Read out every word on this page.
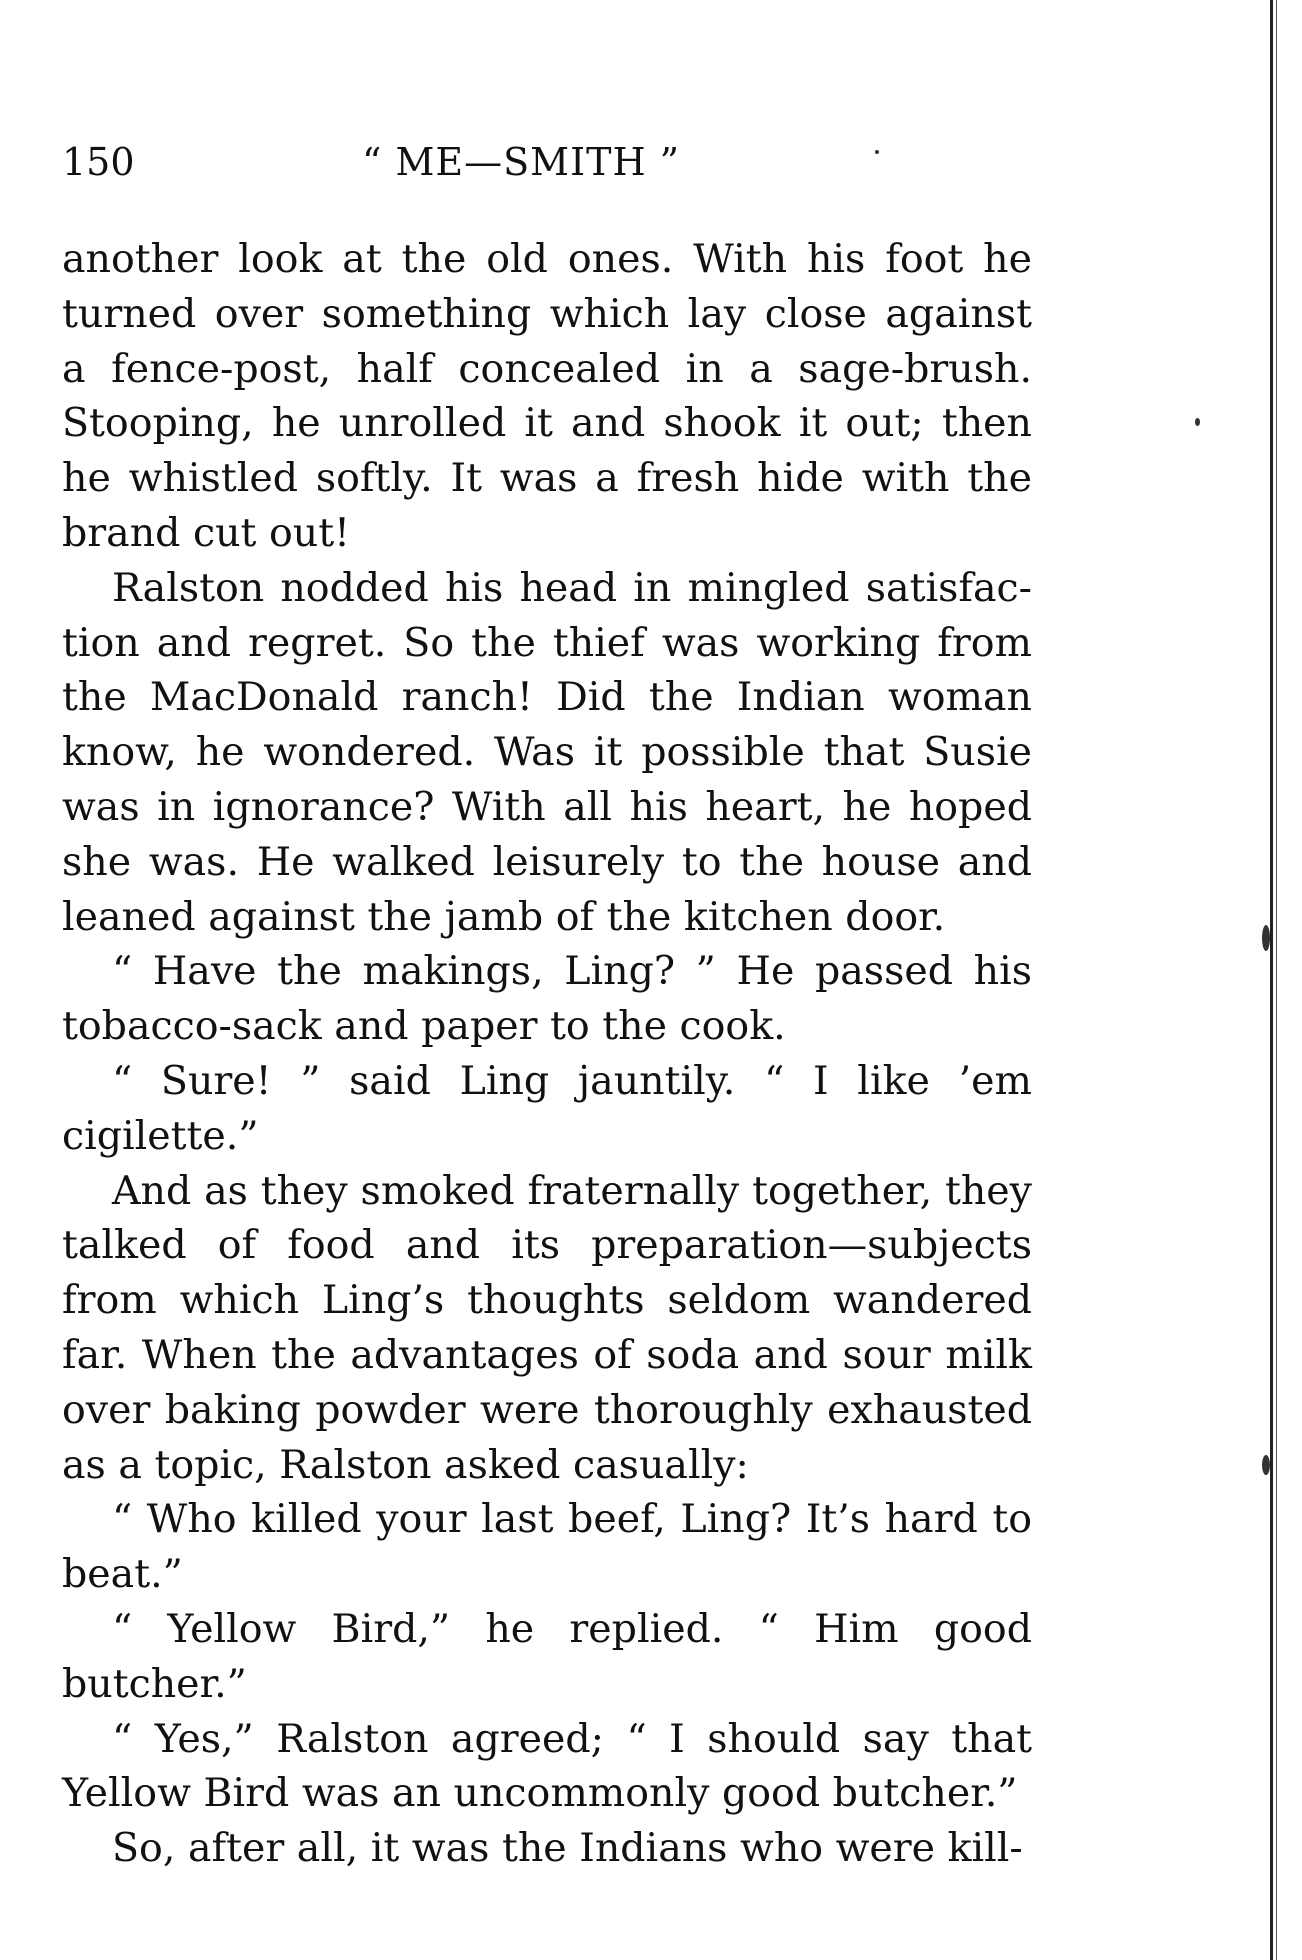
150	“ ME—SMITH ”

another look at the old ones. With his foot he turned over something which lay close against a fence-post, half concealed in a sage-brush. Stooping, he unrolled it and shook it out; then he whistled softly. It was a fresh hide with the brand cut out!

Ralston nodded his head in mingled satisfaction and regret. So the thief was working from the MacDonald ranch! Did the Indian woman know, he wondered. Was it possible that Susie was in ignorance? With all his heart, he hoped she was. He walked leisurely to the house and leaned against the jamb of the kitchen door.

“ Have the makings, Ling? ” He passed his tobacco-sack and paper to the cook.

“ Sure! ” said Ling jauntily. “ I like ’em cigilette.”

And as they smoked fraternally together, they talked of food and its preparation—subjects from which Ling’s thoughts seldom wandered far. When the advantages of soda and sour milk over baking powder were thoroughly exhausted as a topic, Ralston asked casually:

“ Who killed your last beef, Ling? It’s hard to beat.”

“ Yellow Bird,” he replied. “ Him good butcher.”

“ Yes,” Ralston agreed; “ I should say that Yellow Bird was an uncommonly good butcher.”

So, after all, it was the Indians who were kill-
